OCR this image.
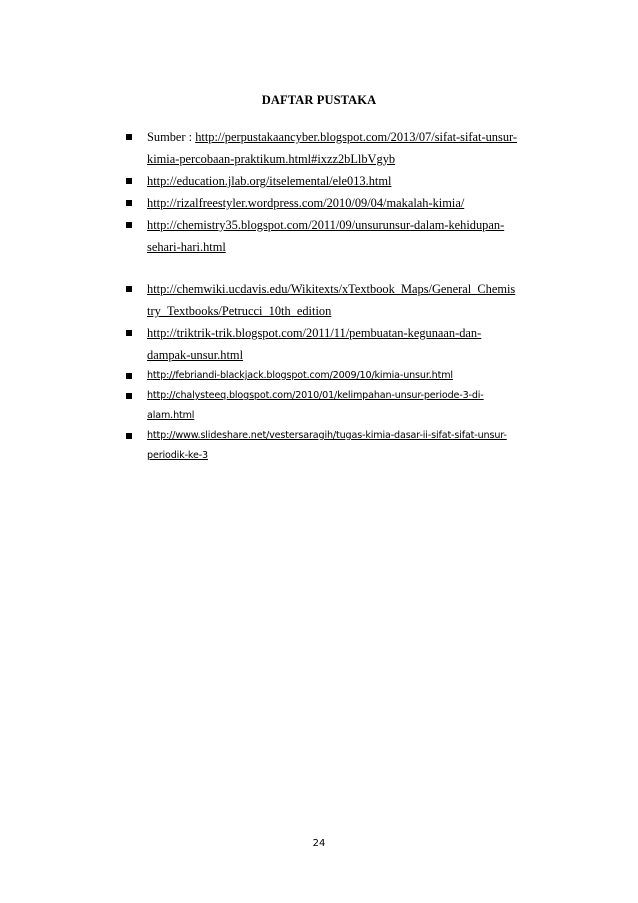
DAFTAR PUSTAKA
Sumber : http://perpustakaancyber.blogspot.com/2013/07/sifat-sifat-unsur-
kimia-percobaan-praktikum.html#ixzz2bLlbVgyb
http://education.jlab.org/itselemental/ele013.html
http://rizalfreestyler.wordpress.com/2010/09/04/makalah-kimia/
http://chemistry35.blogspot.com/2011/09/unsurunsur-dalam-kehidupan-
sehari-hari.html
http://chemwiki.ucdavis.edu/Wikitexts/xTextbook_Maps/General_Chemis
try_Textbooks/Petrucci_10th_edition
http://triktrik-trik.blogspot.com/2011/11/pembuatan-kegunaan-dan-
dampak-unsur.html
http://febriandi-blackjack.blogspot.com/2009/10/kimia-unsur.html
http://chalysteeq.blogspot.com/2010/01/kelimpahan-unsur-periode-3-di-
alam.html
http://www.slideshare.net/vestersaragih/tugas-kimia-dasar-ii-sifat-sifat-unsur-
periodik-ke-3
24
